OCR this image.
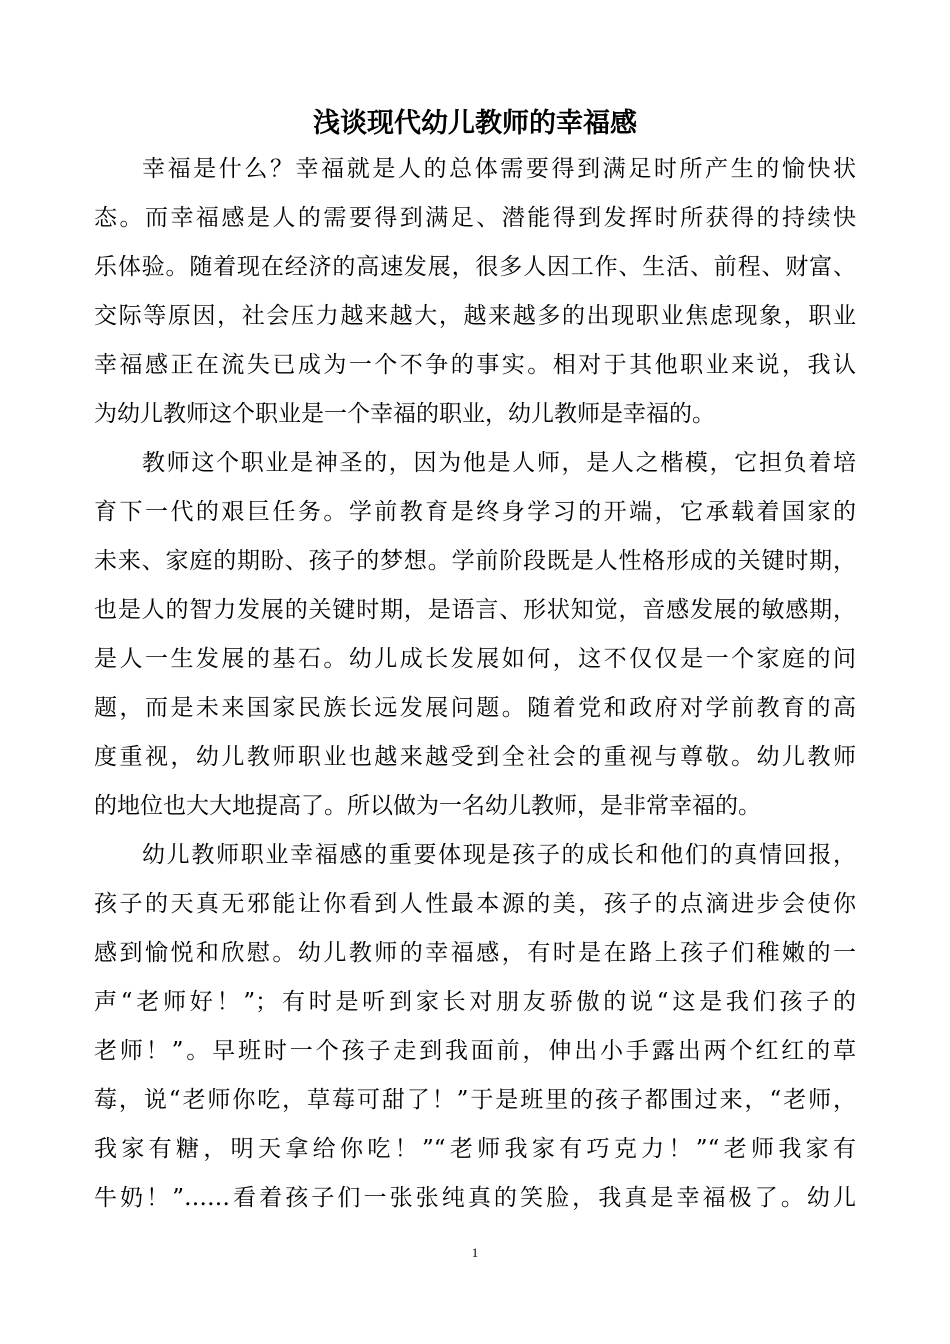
浅谈现代幼儿教师的幸福感
幸福是什么？幸福就是人的总体需要得到满足时所产生的愉快状
态。而幸福感是人的需要得到满足、潜能得到发挥时所获得的持续快
乐体验。随着现在经济的高速发展，很多人因工作、生活、前程、财富、
交际等原因，社会压力越来越大，越来越多的出现职业焦虑现象，职业
幸福感正在流失已成为一个不争的事实。相对于其他职业来说，我认
为幼儿教师这个职业是一个幸福的职业，幼儿教师是幸福的。
教师这个职业是神圣的，因为他是人师，是人之楷模，它担负着培
育下一代的艰巨任务。学前教育是终身学习的开端，它承载着国家的
未来、家庭的期盼、孩子的梦想。学前阶段既是人性格形成的关键时期，
也是人的智力发展的关键时期，是语言、形状知觉，音感发展的敏感期，
是人一生发展的基石。幼儿成长发展如何，这不仅仅是一个家庭的问
题，而是未来国家民族长远发展问题。随着党和政府对学前教育的高
度重视，幼儿教师职业也越来越受到全社会的重视与尊敬。幼儿教师
的地位也大大地提高了。所以做为一名幼儿教师，是非常幸福的。
幼儿教师职业幸福感的重要体现是孩子的成长和他们的真情回报，
孩子的天真无邪能让你看到人性最本源的美，孩子的点滴进步会使你
感到愉悦和欣慰。幼儿教师的幸福感，有时是在路上孩子们稚嫩的一
声“老师好！”；有时是听到家长对朋友骄傲的说“这是我们孩子的
老师！”。早班时一个孩子走到我面前，伸出小手露出两个红红的草
莓，说“老师你吃，草莓可甜了！”于是班里的孩子都围过来，“老师，
我家有糖，明天拿给你吃！”“老师我家有巧克力！”“老师我家有
牛奶！”……看着孩子们一张张纯真的笑脸，我真是幸福极了。幼儿
1
